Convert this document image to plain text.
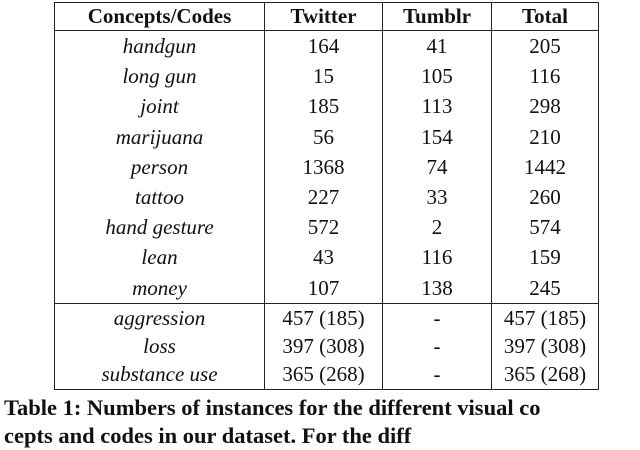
Concepts/Codes	Twitter	Tumblr	Total
handgun	164	41	205
long gun	15	105	116
joint	185	113	298
marijuana	56	154	210
person	1368	74	1442
tattoo	227	33	260
hand gesture	572	2	574
lean	43	116	159
money	107	138	245
aggression	457 (185)	-	457 (185)
loss	397 (308)	-	397 (308)
substance use	365 (268)	-	365 (268)
Table 1: Numbers of instances for the different visual co
cepts and codes in our dataset. For the diff
